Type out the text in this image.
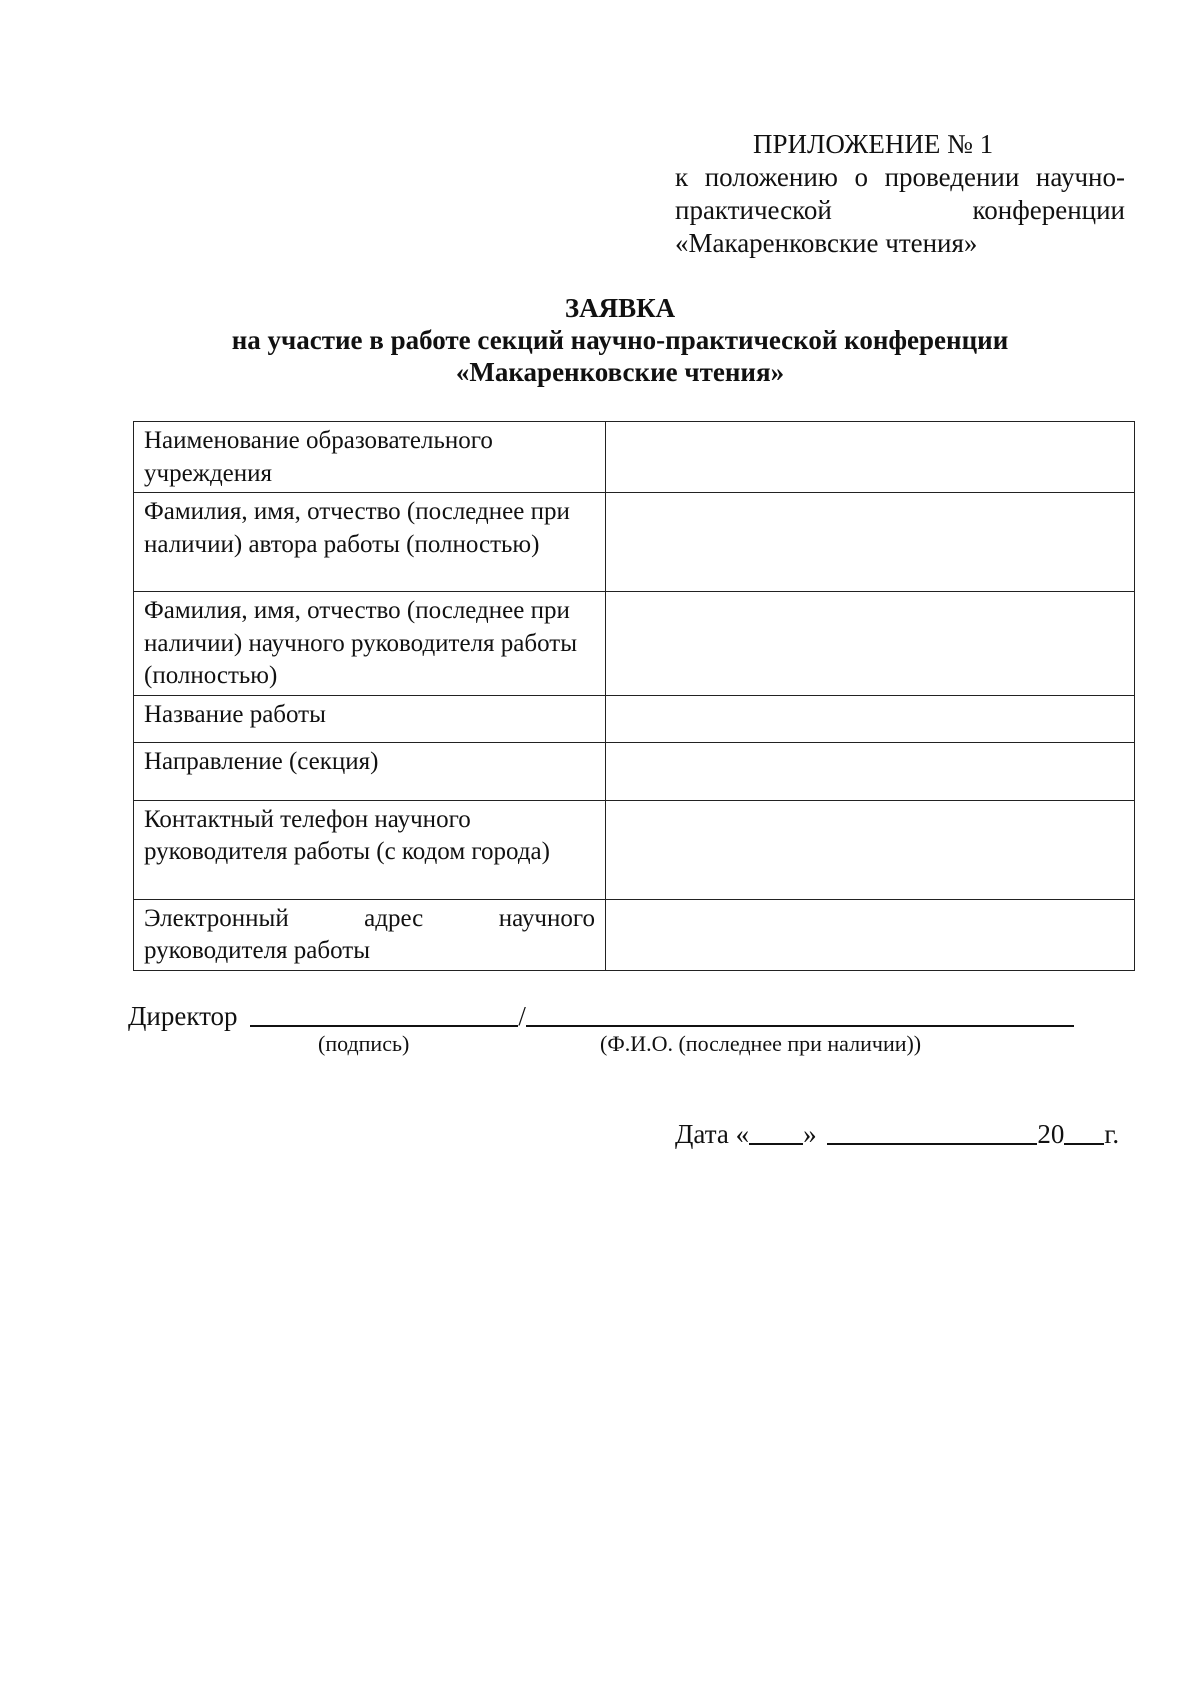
ПРИЛОЖЕНИЕ № 1
к положению о проведении научно-практической конференции «Макаренковские чтения»
ЗАЯВКА
на участие в работе секций научно-практической конференции
«Макаренковские чтения»
Наименование образовательного учреждения	
Фамилия, имя, отчество (последнее при наличии) автора работы (полностью)	
Фамилия, имя, отчество (последнее при наличии) научного руководителя работы (полностью)	
Название работы	
Направление (секция)	
Контактный телефон научного руководителя работы (с кодом города)	
Электронный адрес научного руководителя работы	
Директор	/
(подпись)	(Ф.И.О. (последнее при наличии))
Дата « »	20 г.
